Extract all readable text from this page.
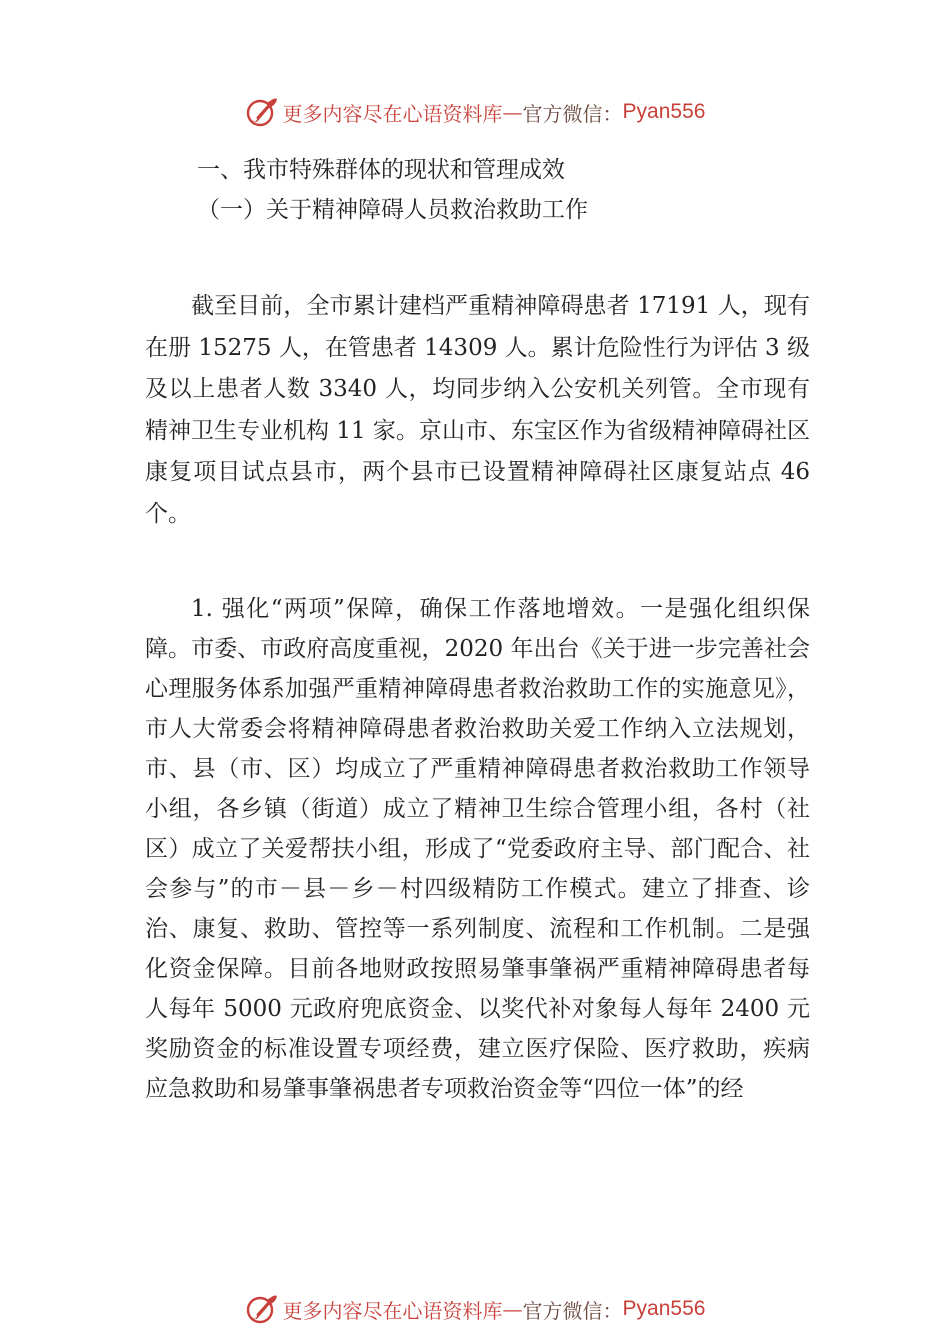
更多内容尽在心语资料库 — 官方微信： Pyan556

一、我市特殊群体的现状和管理成效

（一）关于精神障碍人员救治救助工作

截至目前，全市累计建档严重精神障碍患者 17191 人，现有在册 15275 人，在管患者 14309 人。累计危险性行为评估 3 级及以上患者人数 3340 人，均同步纳入公安机关列管。全市现有精神卫生专业机构 11 家。京山市、东宝区作为省级精神障碍社区康复项目试点县市，两个县市已设置精神障碍社区康复站点 46 个。

1. 强化“两项”保障，确保工作落地增效。一是强化组织保障。市委、市政府高度重视，2020 年出台《关于进一步完善社会心理服务体系加强严重精神障碍患者救治救助工作的实施意见》，市人大常委会将精神障碍患者救治救助关爱工作纳入立法规划，市、县（市、区）均成立了严重精神障碍患者救治救助工作领导小组，各乡镇（街道）成立了精神卫生综合管理小组，各村（社区）成立了关爱帮扶小组，形成了“党委政府主导、部门配合、社会参与”的市－县－乡－村四级精防工作模式。建立了排查、诊治、康复、救助、管控等一系列制度、流程和工作机制。二是强化资金保障。目前各地财政按照易肇事肇祸严重精神障碍患者每人每年 5000 元政府兜底资金、以奖代补对象每人每年 2400 元奖励资金的标准设置专项经费，建立医疗保险、医疗救助，疾病应急救助和易肇事肇祸患者专项救治资金等“四位一体”的经

更多内容尽在心语资料库 — 官方微信： Pyan556
